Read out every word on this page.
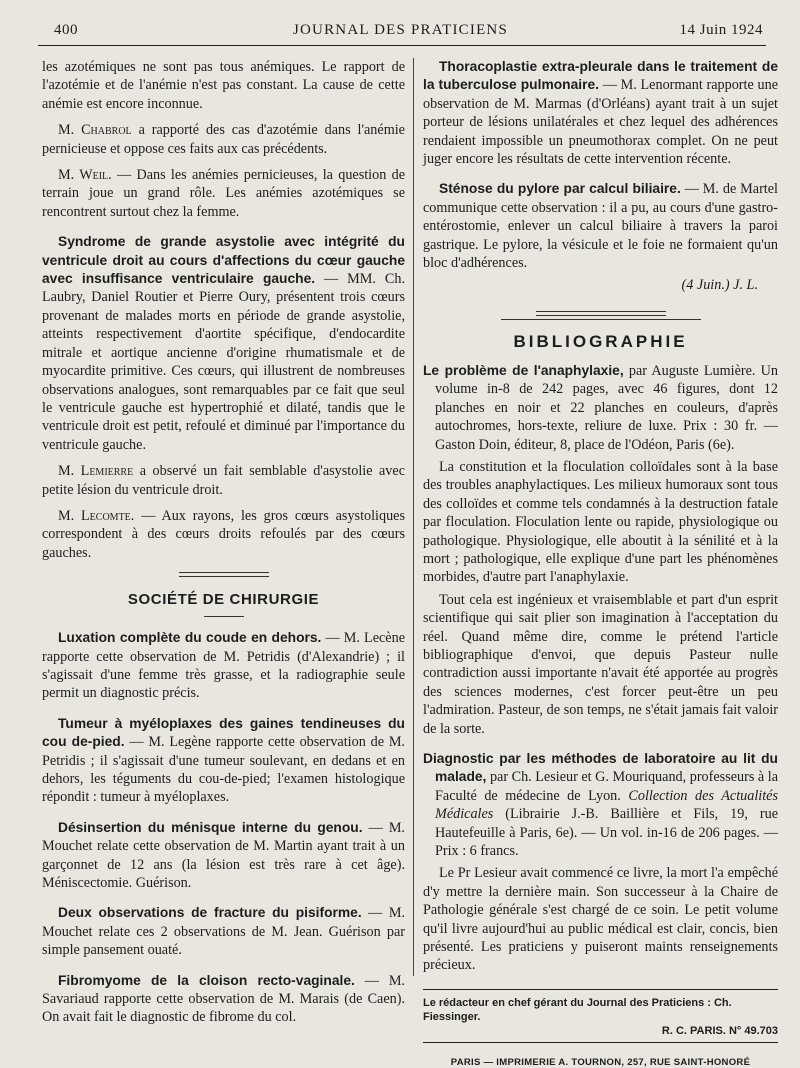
400	JOURNAL DES PRATICIENS	14 Juin 1924

les azotémiques ne sont pas tous anémiques. Le rapport de l'azotémie et de l'anémie n'est pas constant. La cause de cette anémie est encore inconnue.

M. Chabrol a rapporté des cas d'azotémie dans l'anémie pernicieuse et oppose ces faits aux cas précédents.

M. Weil. — Dans les anémies pernicieuses, la question de terrain joue un grand rôle. Les anémies azotémiques se rencontrent surtout chez la femme.

Syndrome de grande asystolie avec intégrité du ventricule droit au cours d'affections du cœur gauche avec insuffisance ventriculaire gauche. — MM. Ch. Laubry, Daniel Routier et Pierre Oury, présentent trois cœurs provenant de malades morts en période de grande asystolie, atteints respectivement d'aortite spécifique, d'endocardite mitrale et aortique ancienne d'origine rhumatismale et de myocardite primitive. Ces cœurs, qui illustrent de nombreuses observations analogues, sont remarquables par ce fait que seul le ventricule gauche est hypertrophié et dilaté, tandis que le ventricule droit est petit, refoulé et diminué par l'importance du ventricule gauche.

M. Lemierre a observé un fait semblable d'asystolie avec petite lésion du ventricule droit.

M. Lecomte. — Aux rayons, les gros cœurs asystoliques correspondent à des cœurs droits refoulés par des cœurs gauches.

SOCIÉTÉ DE CHIRURGIE

Luxation complète du coude en dehors. — M. Lecène rapporte cette observation de M. Petridis (d'Alexandrie) ; il s'agissait d'une femme très grasse, et la radiographie seule permit un diagnostic précis.

Tumeur à myéloplaxes des gaines tendineuses du cou de-pied. — M. Legène rapporte cette observation de M. Petridis ; il s'agissait d'une tumeur soulevant, en dedans et en dehors, les téguments du cou-de-pied; l'examen histologique répondit : tumeur à myéloplaxes.

Désinsertion du ménisque interne du genou. — M. Mouchet relate cette observation de M. Martin ayant trait à un garçonnet de 12 ans (la lésion est très rare à cet âge). Méniscectomie. Guérison.

Deux observations de fracture du pisiforme. — M. Mouchet relate ces 2 observations de M. Jean. Guérison par simple pansement ouaté.

Fibromyome de la cloison recto-vaginale. — M. Savariaud rapporte cette observation de M. Marais (de Caen). On avait fait le diagnostic de fibrome du col.

Thoracoplastie extra-pleurale dans le traitement de la tuberculose pulmonaire. — M. Lenormant rapporte une observation de M. Marmas (d'Orléans) ayant trait à un sujet porteur de lésions unilatérales et chez lequel des adhérences rendaient impossible un pneumothorax complet. On ne peut juger encore les résultats de cette intervention récente.

Sténose du pylore par calcul biliaire. — M. de Martel communique cette observation : il a pu, au cours d'une gastro-entérostomie, enlever un calcul biliaire à travers la paroi gastrique. Le pylore, la vésicule et le foie ne formaient qu'un bloc d'adhérences.

(4 Juin.) J. L.

BIBLIOGRAPHIE

Le problème de l'anaphylaxie, par Auguste Lumière. Un volume in-8 de 242 pages, avec 46 figures, dont 12 planches en noir et 22 planches en couleurs, d'après autochromes, hors-texte, reliure de luxe. Prix : 30 fr. — Gaston Doin, éditeur, 8, place de l'Odéon, Paris (6e).

La constitution et la floculation colloïdales sont à la base des troubles anaphylactiques. Les milieux humoraux sont tous des colloïdes et comme tels condamnés à la destruction fatale par floculation. Floculation lente ou rapide, physiologique ou pathologique. Physiologique, elle aboutit à la sénilité et à la mort ; pathologique, elle explique d'une part les phénomènes morbides, d'autre part l'anaphylaxie.

Tout cela est ingénieux et vraisemblable et part d'un esprit scientifique qui sait plier son imagination à l'acceptation du réel. Quand même dire, comme le prétend l'article bibliographique d'envoi, que depuis Pasteur nulle contradiction aussi importante n'avait été apportée au progrès des sciences modernes, c'est forcer peut-être un peu l'admiration. Pasteur, de son temps, ne s'était jamais fait valoir de la sorte.

Diagnostic par les méthodes de laboratoire au lit du malade, par Ch. Lesieur et G. Mouriquand, professeurs à la Faculté de médecine de Lyon. Collection des Actualités Médicales (Librairie J.-B. Baillière et Fils, 19, rue Hautefeuille à Paris, 6e). — Un vol. in-16 de 206 pages. — Prix : 6 francs.

Le Pr Lesieur avait commencé ce livre, la mort l'a empêché d'y mettre la dernière main. Son successeur à la Chaire de Pathologie générale s'est chargé de ce soin. Le petit volume qu'il livre aujourd'hui au public médical est clair, concis, bien présenté. Les praticiens y puiseront maints renseignements précieux.

Le rédacteur en chef gérant du Journal des Praticiens : Ch. Fiessinger.
R. C. PARIS. N° 49.703
PARIS — IMPRIMERIE A. TOURNON, 257, RUE SAINT-HONORÉ
